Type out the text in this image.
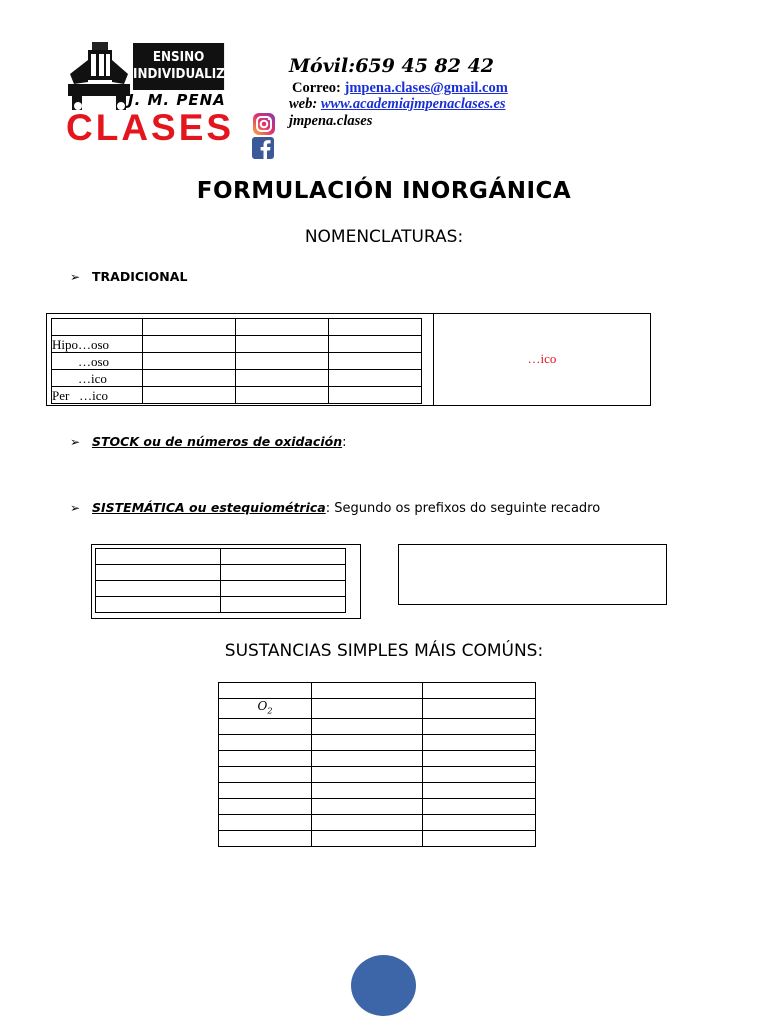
ENSINO
INDIVIDUALIZADO
J. M. PENA
CLASES
Móvil:659 45 82 42
Correo: jmpena.clases@gmail.com
web: www.academiajmpenaclases.es
jmpena.clases
FORMULACIÓN INORGÁNICA
NOMENCLATURAS:
➢ TRADICIONAL

Hipo…oso			
…oso			
…ico			
Per   …ico			
…ico
➢ STOCK ou de números de oxidación:
➢ SISTEMÁTICA ou estequiométrica: Segundo os prefixos do seguinte recadro

SUSTANCIAS SIMPLES MÁIS COMÚNS:

$O_2$		
